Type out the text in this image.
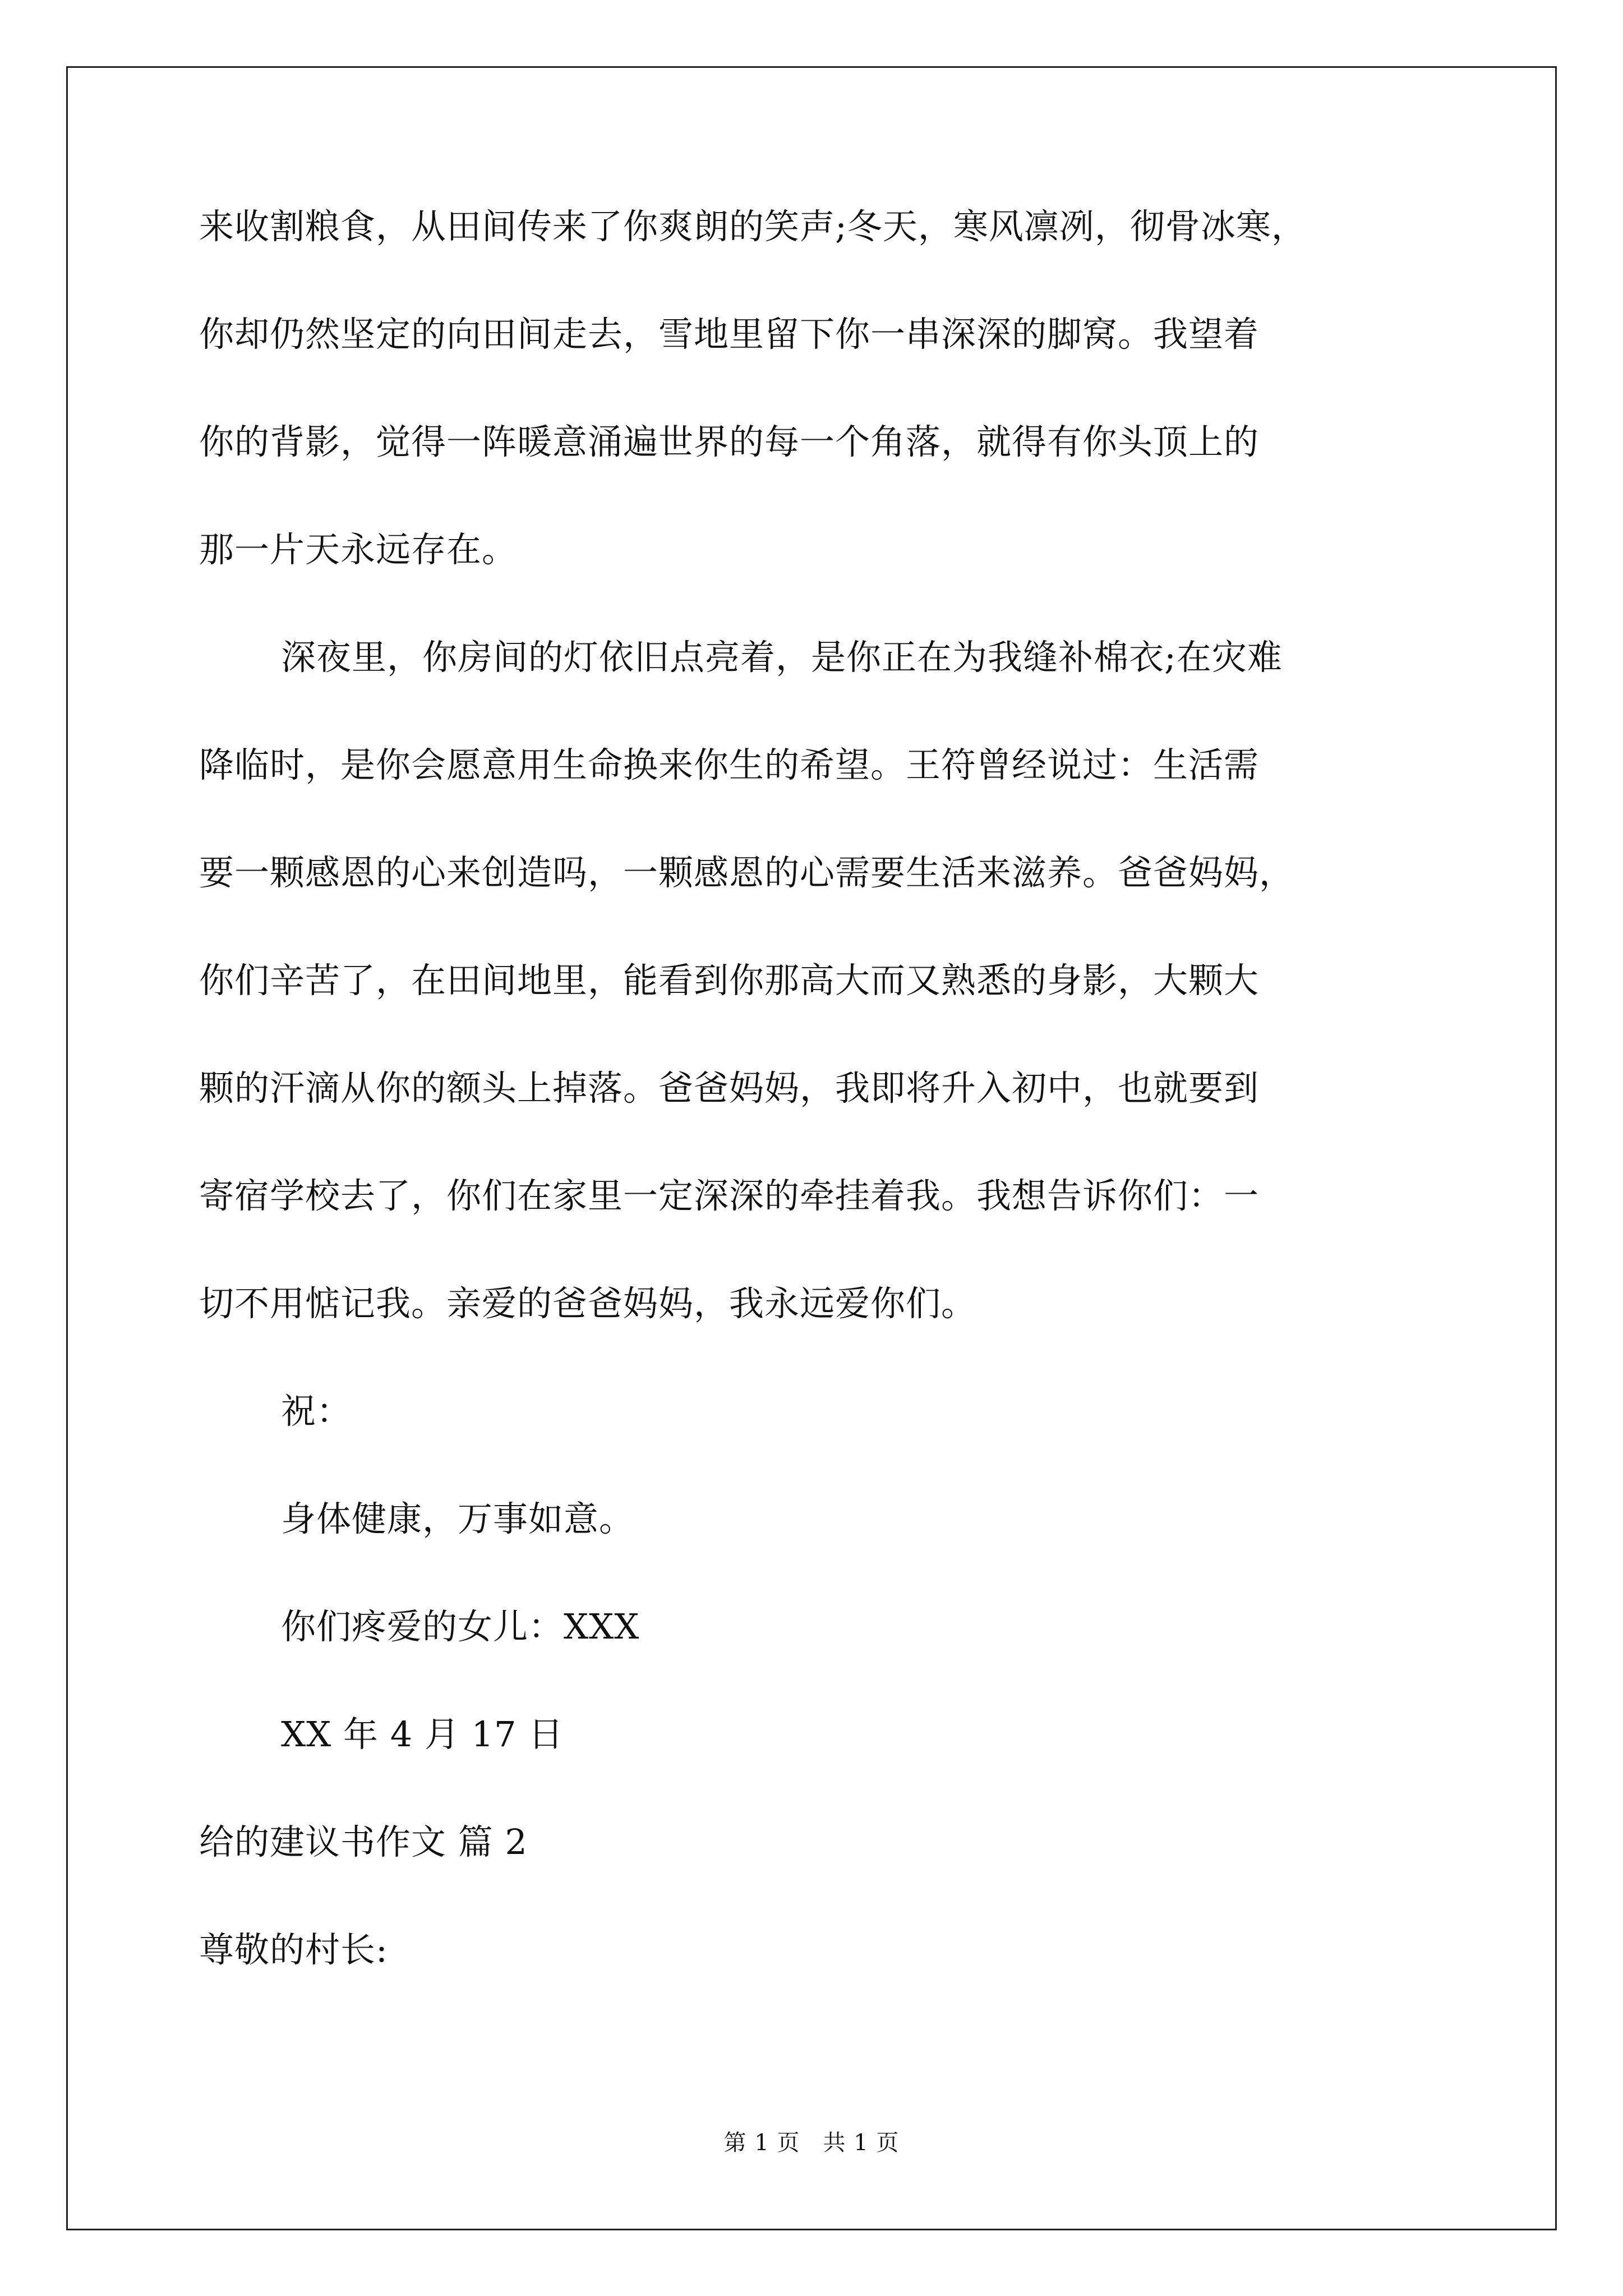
来收割粮食，从田间传来了你爽朗的笑声;冬天，寒风凛冽，彻骨冰寒，
你却仍然坚定的向田间走去，雪地里留下你一串深深的脚窝。我望着
你的背影，觉得一阵暖意涌遍世界的每一个角落，就得有你头顶上的
那一片天永远存在。
深夜里，你房间的灯依旧点亮着，是你正在为我缝补棉衣;在灾难
降临时，是你会愿意用生命换来你生的希望。王符曾经说过：生活需
要一颗感恩的心来创造吗，一颗感恩的心需要生活来滋养。爸爸妈妈，
你们辛苦了，在田间地里，能看到你那高大而又熟悉的身影，大颗大
颗的汗滴从你的额头上掉落。爸爸妈妈，我即将升入初中，也就要到
寄宿学校去了，你们在家里一定深深的牵挂着我。我想告诉你们：一
切不用惦记我。亲爱的爸爸妈妈，我永远爱你们。
祝：
身体健康，万事如意。
你们疼爱的女儿：XXX
XX 年 4 月 17 日
给的建议书作文 篇 2
尊敬的村长:
第 1 页　共 1 页
